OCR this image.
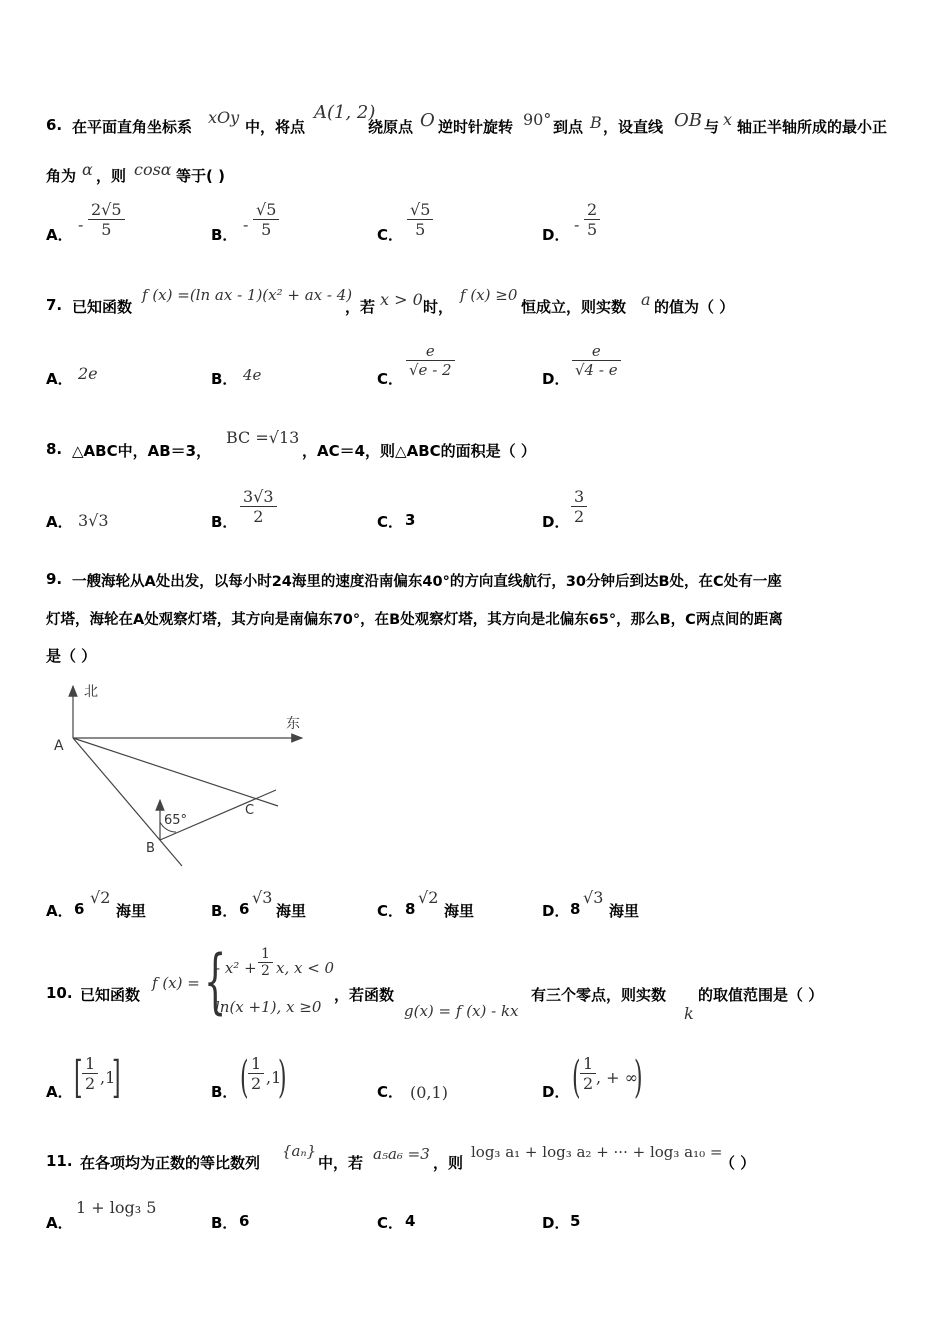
6. 在平面直角坐标系 xOy 中，将点
A(1, 2)
绕原点 O 逆时针旋转 90° 到点 B ，设直线 OB 与 x 轴正半轴所成的最小正
角为 α ，则 cosα 等于( )
A．
- $\frac{2√5}{5}$	B．
- $\frac{√5}{5}$	C． $\frac{√5}{5}$	D．
- $\frac{2}{5}$
7. 已知函数
f (x) =(ln ax - 1)(x² + ax - 4)
，若 x > 0 时，
f (x) ≥0
恒成立，则实数 a 的值为（ ）
A． 2e	B． 4e	C． $\frac{e}{√e - 2}$	D． $\frac{e}{√4 - e}$
8. △ABC中，AB＝3，
BC =√13
，AC＝4，则△ABC的面积是（ ）
A． 3√3	B． $\frac{3√3}{2}$	C． 3	D． $\frac{3}{2}$
9. 一艘海轮从A处出发，以每小时24海里的速度沿南偏东40°的方向直线航行，30分钟后到达B处，在C处有一座
灯塔，海轮在A处观察灯塔，其方向是南偏东70°，在B处观察灯塔，其方向是北偏东65°，那么B，C两点间的距离
是（ ）
北
东
A
B
C
65°
A． 6
√2
海里	B． 6
√3
海里	C． 8
√2
海里	D． 8
√3
海里
10. 已知函数
f (x) = {
- $x^2 + \frac{1}{2} x$, x < 0
ln(x +1), x ≥0
，若函数
g(x) = f (x) - kx
有三个零点，则实数
k
的取值范围是（ ）
A． [ $\frac{1}{2} ,1$
]	B． ( $\frac{1}{2} ,1$
)	C． (0,1)	D． ( $\frac{1}{2}$ , + ∞
)
11. 在各项均为正数的等比数列
{aₙ}
中，若 a₅a₆ =3 ，则
log₃ a₁ + log₃ a₂ + ··· + log₃ a₁₀ =
（ ）
A．
1 + log₃ 5
B． 6	C． 4	D． 5
